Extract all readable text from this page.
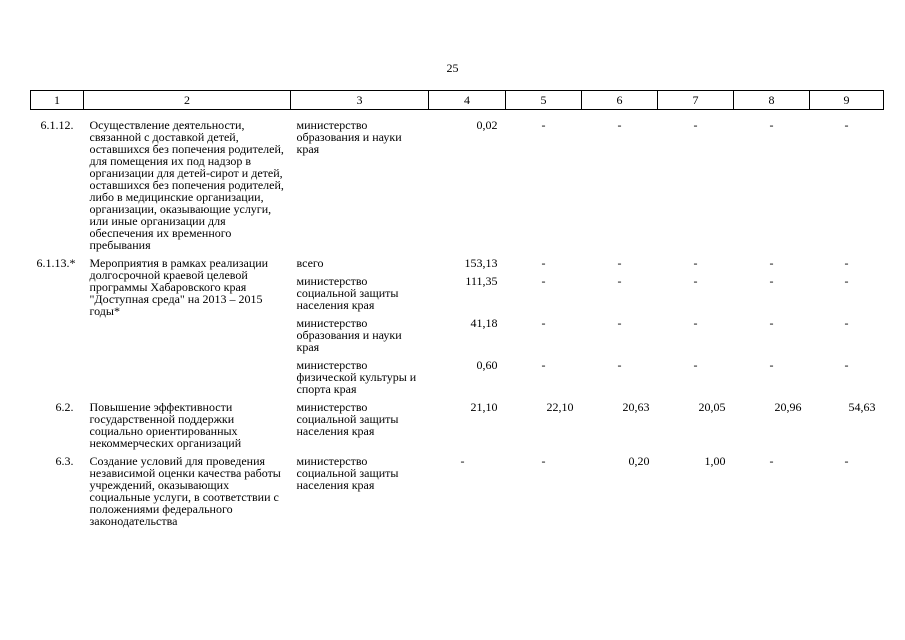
25
1	2	3	4	5	6	7	8	9
6.1.12.	Осуществление деятельности, связанной с доставкой детей, оставшихся без попечения родителей, для помещения их под надзор в организации для детей-сирот и детей, оставшихся без попечения родителей, либо в медицинские организации, организации, оказывающие услуги, или иные организации для обеспечения их временного пребывания	министерство образования и науки края	0,02	-	-	-	-	-
6.1.13.*	Мероприятия в рамках реализации долгосрочной краевой целевой программы Хабаровского края "Доступная среда" на 2013 – 2015 годы*	всего	153,13	-	-	-	-	-
		министерство социальной защиты населения края	111,35	-	-	-	-	-
		министерство образования и науки края	41,18	-	-	-	-	-
		министерство физической культуры и спорта края	0,60	-	-	-	-	-
6.2.	Повышение эффективности государственной поддержки социально ориентированных некоммерческих организаций	министерство социальной защиты населения края	21,10	22,10	20,63	20,05	20,96	54,63
6.3.	Создание условий для проведения независимой оценки качества работы учреждений, оказывающих социальные услуги, в соответствии с положениями федерального законодательства	министерство социальной защиты населения края	-	-	0,20	1,00	-	-
